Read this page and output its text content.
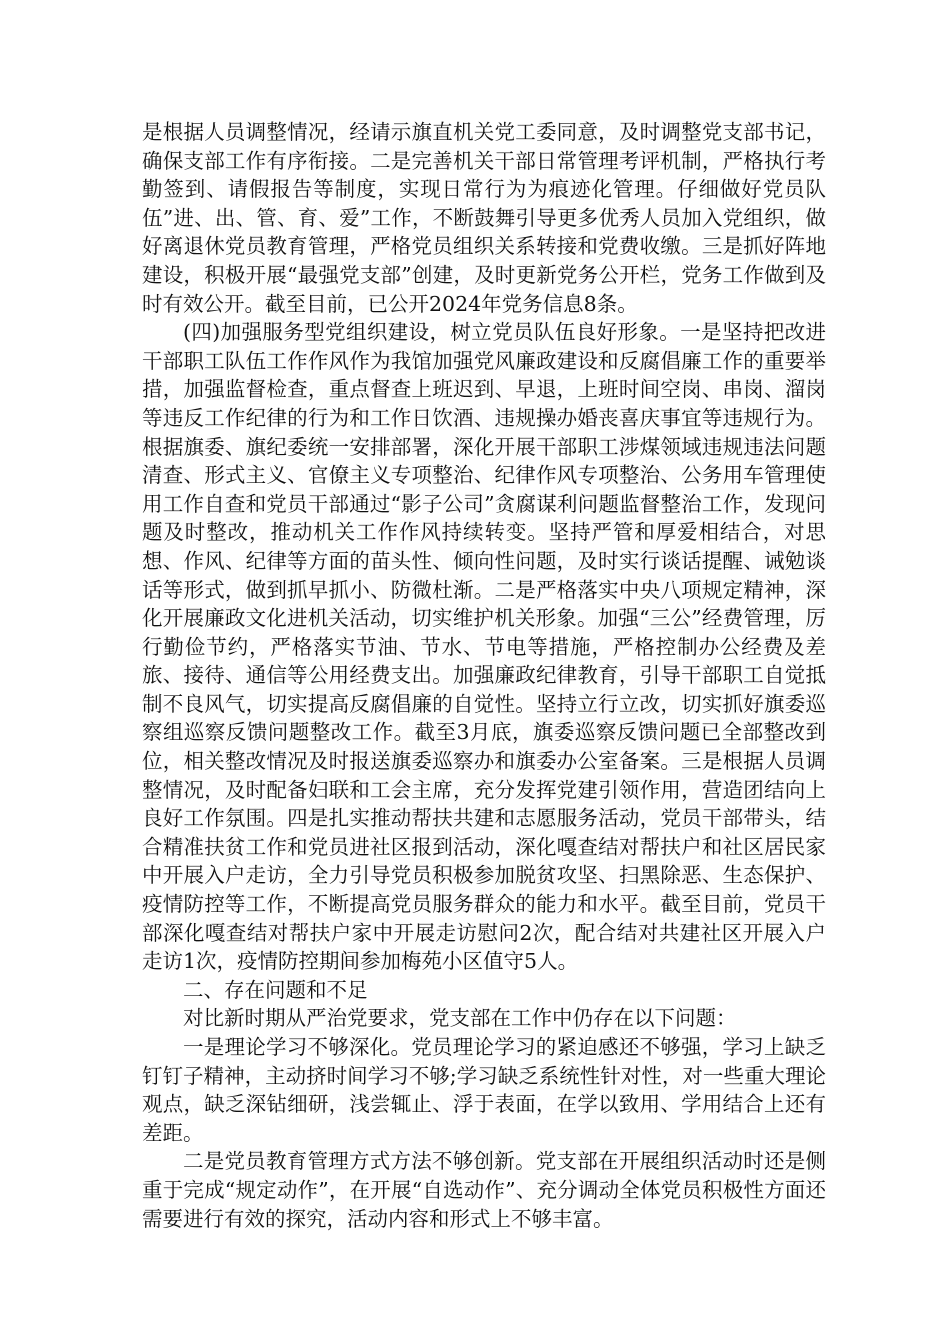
是根据人员调整情况，经请示旗直机关党工委同意，及时调整党支部书记，确保支部工作有序衔接。二是完善机关干部日常管理考评机制，严格执行考勤签到、请假报告等制度，实现日常行为为痕迹化管理。仔细做好党员队伍”进、出、管、育、爱”工作，不断鼓舞引导更多优秀人员加入党组织，做好离退休党员教育管理，严格党员组织关系转接和党费收缴。三是抓好阵地建设，积极开展“最强党支部”创建，及时更新党务公开栏，党务工作做到及时有效公开。截至目前，已公开2024年党务信息8条。

(四)加强服务型党组织建设，树立党员队伍良好形象。一是坚持把改进干部职工队伍工作作风作为我馆加强党风廉政建设和反腐倡廉工作的重要举措，加强监督检查，重点督查上班迟到、早退，上班时间空岗、串岗、溜岗等违反工作纪律的行为和工作日饮酒、违规操办婚丧喜庆事宜等违规行为。根据旗委、旗纪委统一安排部署，深化开展干部职工涉煤领域违规违法问题清查、形式主义、官僚主义专项整治、纪律作风专项整治、公务用车管理使用工作自查和党员干部通过“影子公司”贪腐谋利问题监督整治工作，发现问题及时整改，推动机关工作作风持续转变。坚持严管和厚爱相结合，对思想、作风、纪律等方面的苗头性、倾向性问题，及时实行谈话提醒、诫勉谈话等形式，做到抓早抓小、防微杜渐。二是严格落实中央八项规定精神，深化开展廉政文化进机关活动，切实维护机关形象。加强“三公”经费管理，厉行勤俭节约，严格落实节油、节水、节电等措施，严格控制办公经费及差旅、接待、通信等公用经费支出。加强廉政纪律教育，引导干部职工自觉抵制不良风气，切实提高反腐倡廉的自觉性。坚持立行立改，切实抓好旗委巡察组巡察反馈问题整改工作。截至3月底，旗委巡察反馈问题已全部整改到位，相关整改情况及时报送旗委巡察办和旗委办公室备案。三是根据人员调整情况，及时配备妇联和工会主席，充分发挥党建引领作用，营造团结向上良好工作氛围。四是扎实推动帮扶共建和志愿服务活动，党员干部带头，结合精准扶贫工作和党员进社区报到活动，深化嘎查结对帮扶户和社区居民家中开展入户走访，全力引导党员积极参加脱贫攻坚、扫黑除恶、生态保护、疫情防控等工作，不断提高党员服务群众的能力和水平。截至目前，党员干部深化嘎查结对帮扶户家中开展走访慰问2次，配合结对共建社区开展入户走访1次，疫情防控期间参加梅苑小区值守5人。

二、存在问题和不足

对比新时期从严治党要求，党支部在工作中仍存在以下问题：

一是理论学习不够深化。党员理论学习的紧迫感还不够强，学习上缺乏钉钉子精神，主动挤时间学习不够;学习缺乏系统性针对性，对一些重大理论观点，缺乏深钻细研，浅尝辄止、浮于表面，在学以致用、学用结合上还有差距。

二是党员教育管理方式方法不够创新。党支部在开展组织活动时还是侧重于完成“规定动作”，在开展“自选动作”、充分调动全体党员积极性方面还需要进行有效的探究，活动内容和形式上不够丰富。
